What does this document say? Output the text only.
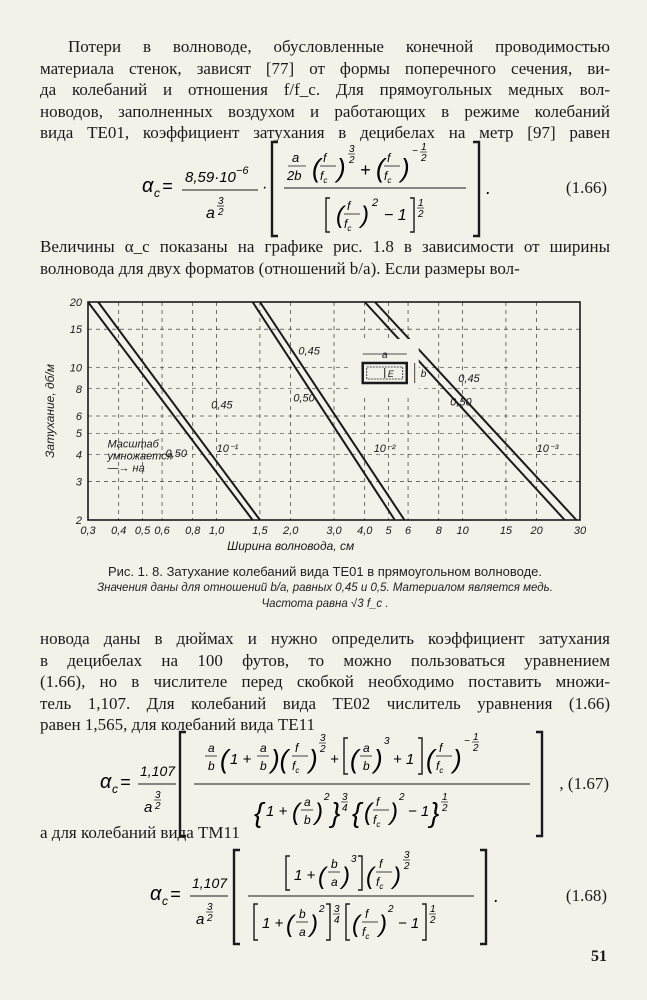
Потери в волноводе, обусловленные конечной проводимостью
материала стенок, зависят [77] от формы поперечного сечения, ви-
да колебаний и отношения f/f_c. Для прямоугольных медных вол-
новодов, заполненных воздухом и работающих в режиме колебаний
вида TE01, коэффициент затухания в децибелах на метр [97] равен
α c = 8,59·10 −6
a
3
2
·
a
2b ( f
$f_c$ )
3
2 + ( f
$f_c$ )
− 1
2
( f
$f_c$ ) 2
− 1
1
2
.	(1.66)
Величины α_c показаны на графике рис. 1.8 в зависимости от ширины
волновода для двух форматов (отношений b/a). Если размеры вол-
0,3 0,4 0,5 0,6 0,8 1,0	1,5 2,0	3,0 4,0 5 6 8 10	15 20	30
2
3
4
5
6
8
10
15
20
0,45
0,50
0,45
0,50
0,45
0,50
10⁻¹	10⁻²	10⁻³
Масштаб
умножается
—→ на
Затухание, дб/м
Ширина волновода, см
a
b
E
Рис. 1. 8. Затухание колебаний вида TE01 в прямоугольном волноводе.
Значения даны для отношений b/a, равных 0,45 и 0,5. Материалом является медь.
Частота равна √3 f_c .
новода даны в дюймах и нужно определить коэффициент затухания
в децибелах на 100 футов, то можно пользоваться уравнением
(1.66), но в числителе перед скобкой необходимо поставить множи-
тель 1,107. Для колебаний вида TE02 числитель уравнения (1.66)
равен 1,565, для колебаний вида TE11
α c =
1,107
a
3
2
a
b ( 1 +
a
b )( f
$f_c$ )
3
2
+ ( a
b )
3
+ 1 ( f
$f_c$ )
− 1
2
{ 1 + ( a
b )
2 } 3
4 { ( f
$f_c$ )
2
− 1 } 1
2
, (1.67)
а для колебаний вида TM11
α c =
1,107
a
3
2
1 + ( b
a )
3
( f
$f_c$ )
3
2
1 + ( b
a )
2 3
4 ( f
$f_c$ )
2
− 1
1
2
.	(1.68)
51
